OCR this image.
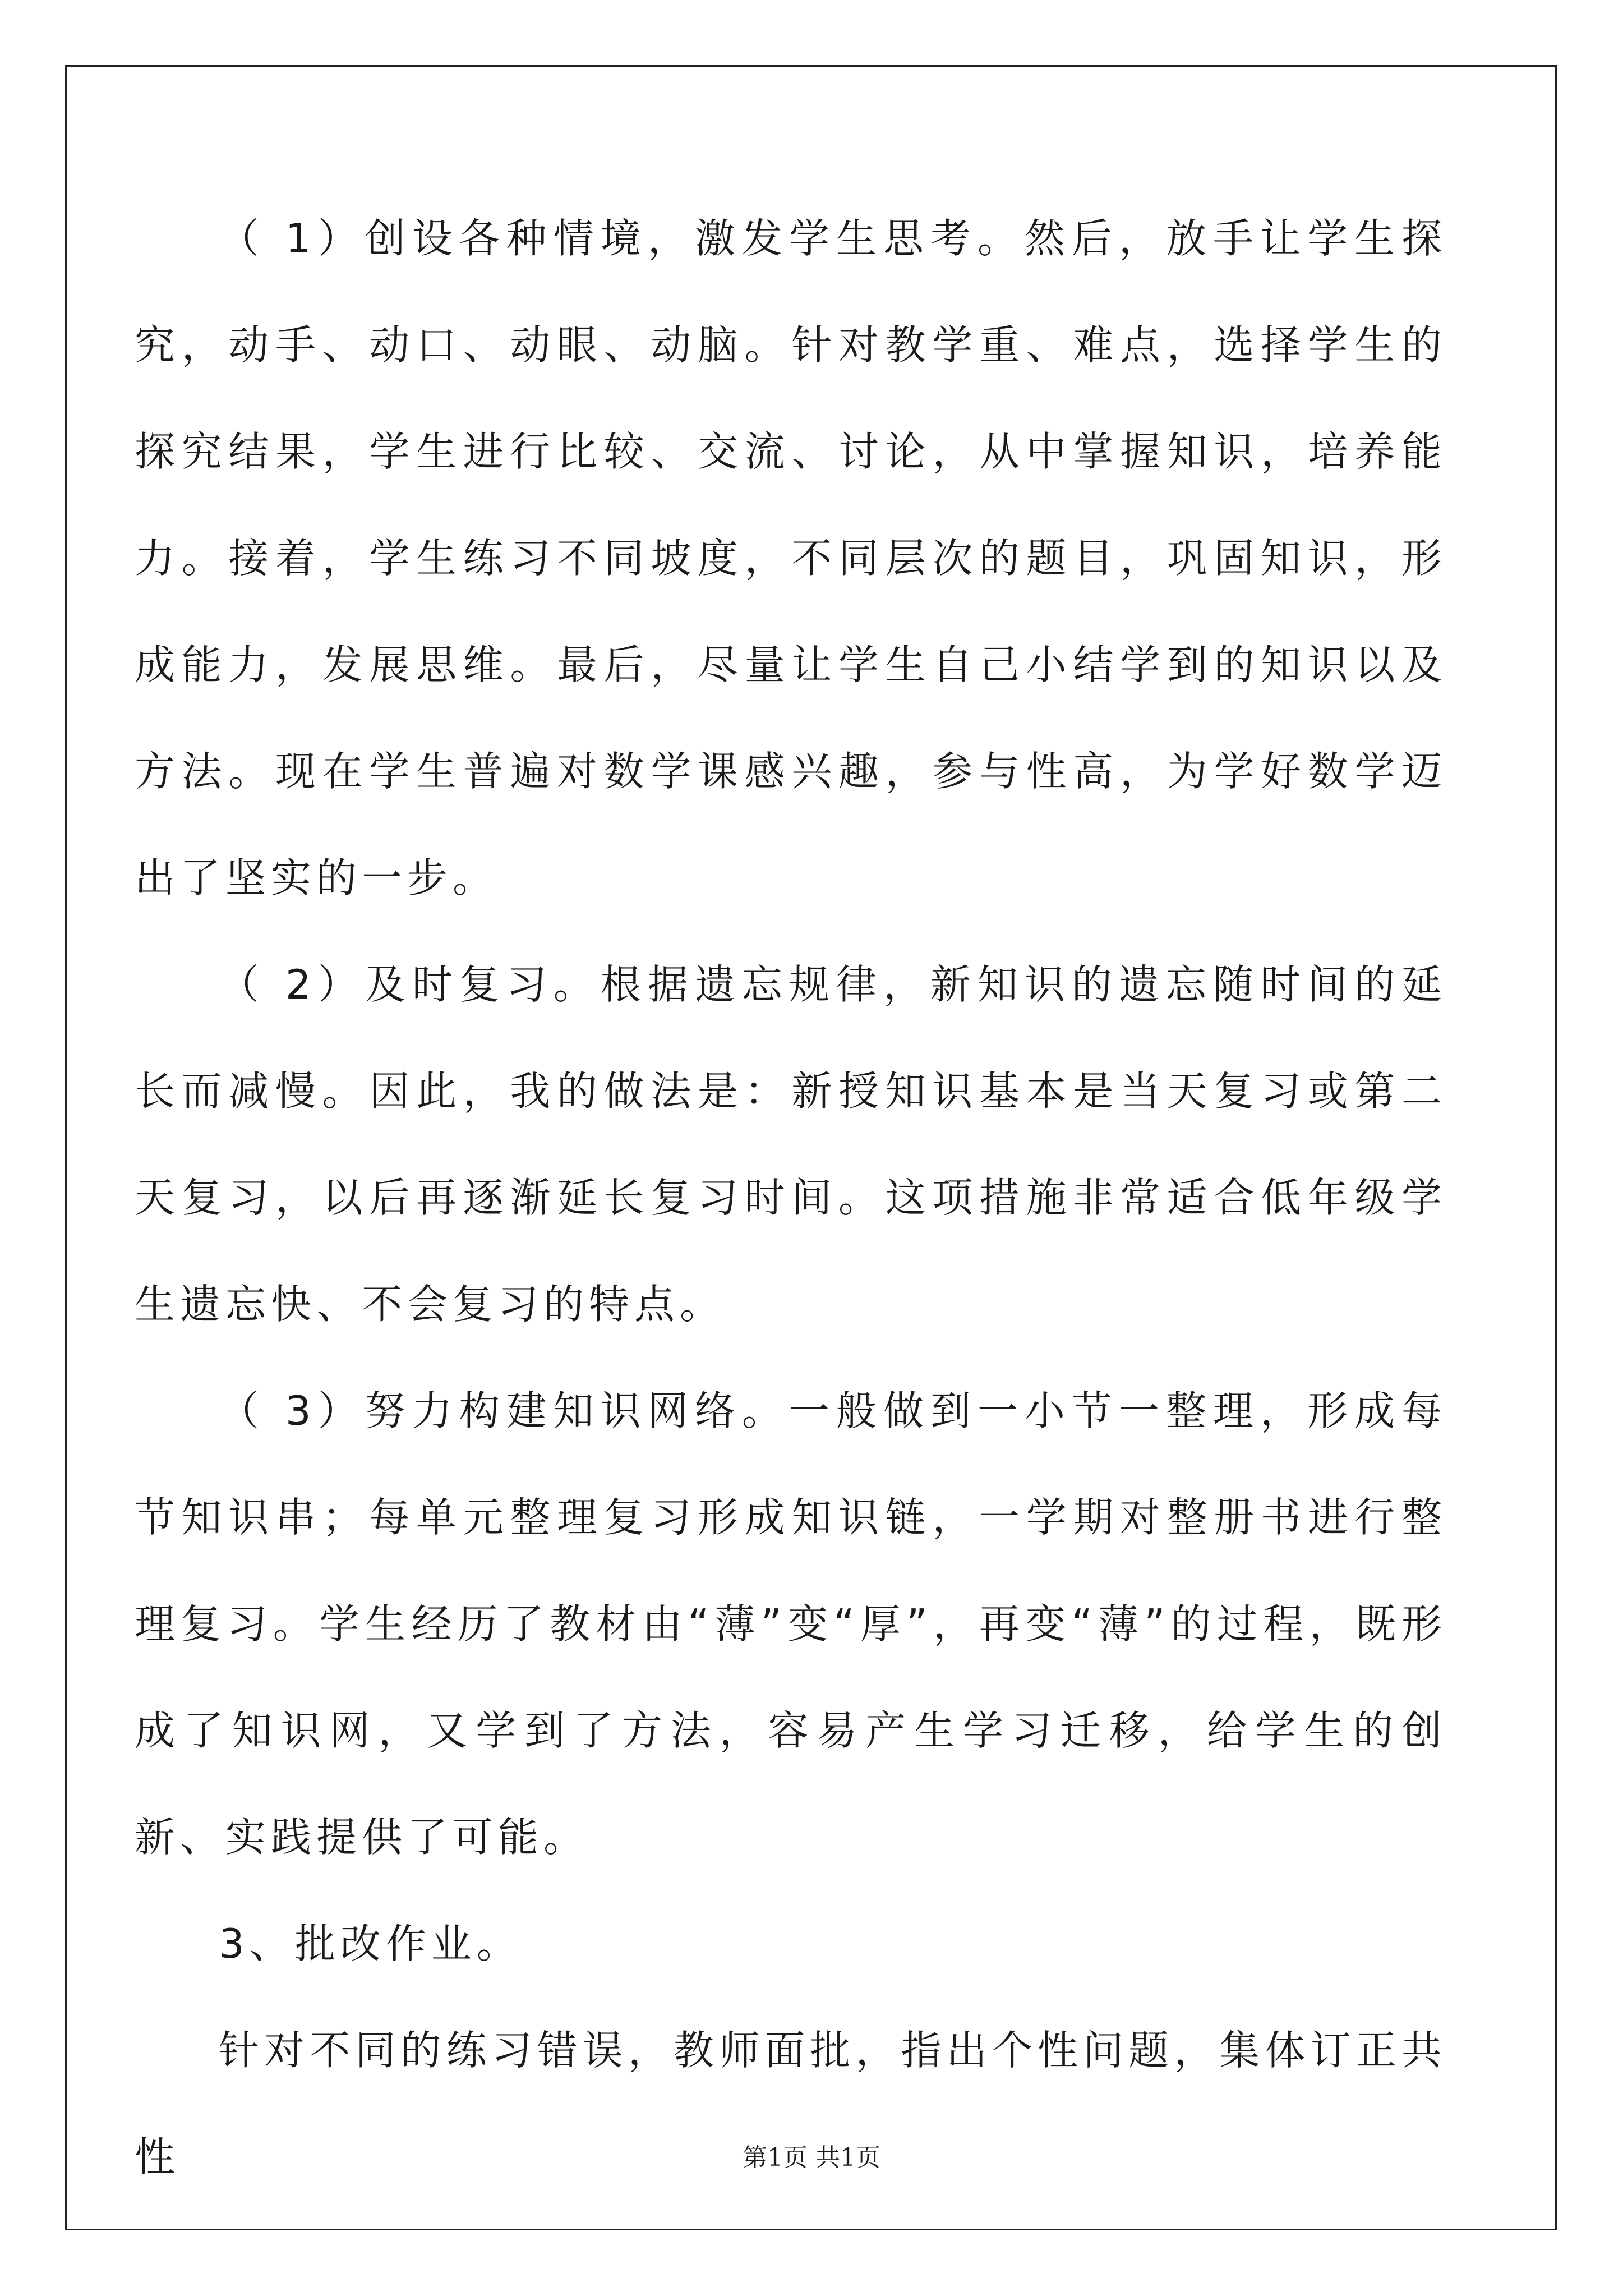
（ 1）创设各种情境，激发学生思考。然后，放手让学生探究，动手、动口、动眼、动脑。针对教学重、难点，选择学生的探究结果，学生进行比较、交流、讨论，从中掌握知识，培养能力。接着，学生练习不同坡度，不同层次的题目，巩固知识，形成能力，发展思维。最后，尽量让学生自己小结学到的知识以及方法。现在学生普遍对数学课感兴趣，参与性高，为学好数学迈出了坚实的一步。

（ 2）及时复习。根据遗忘规律，新知识的遗忘随时间的延长而减慢。因此，我的做法是：新授知识基本是当天复习或第二天复习，以后再逐渐延长复习时间。这项措施非常适合低年级学生遗忘快、不会复习的特点。

（ 3）努力构建知识网络。一般做到一小节一整理，形成每节知识串；每单元整理复习形成知识链，一学期对整册书进行整理复习。学生经历了教材由“薄”变“厚”，再变“薄”的过程，既形成了知识网，又学到了方法，容易产生学习迁移，给学生的创新、实践提供了可能。

3、批改作业。

针对不同的练习错误，教师面批，指出个性问题，集体订正共性	第1页 共1页
